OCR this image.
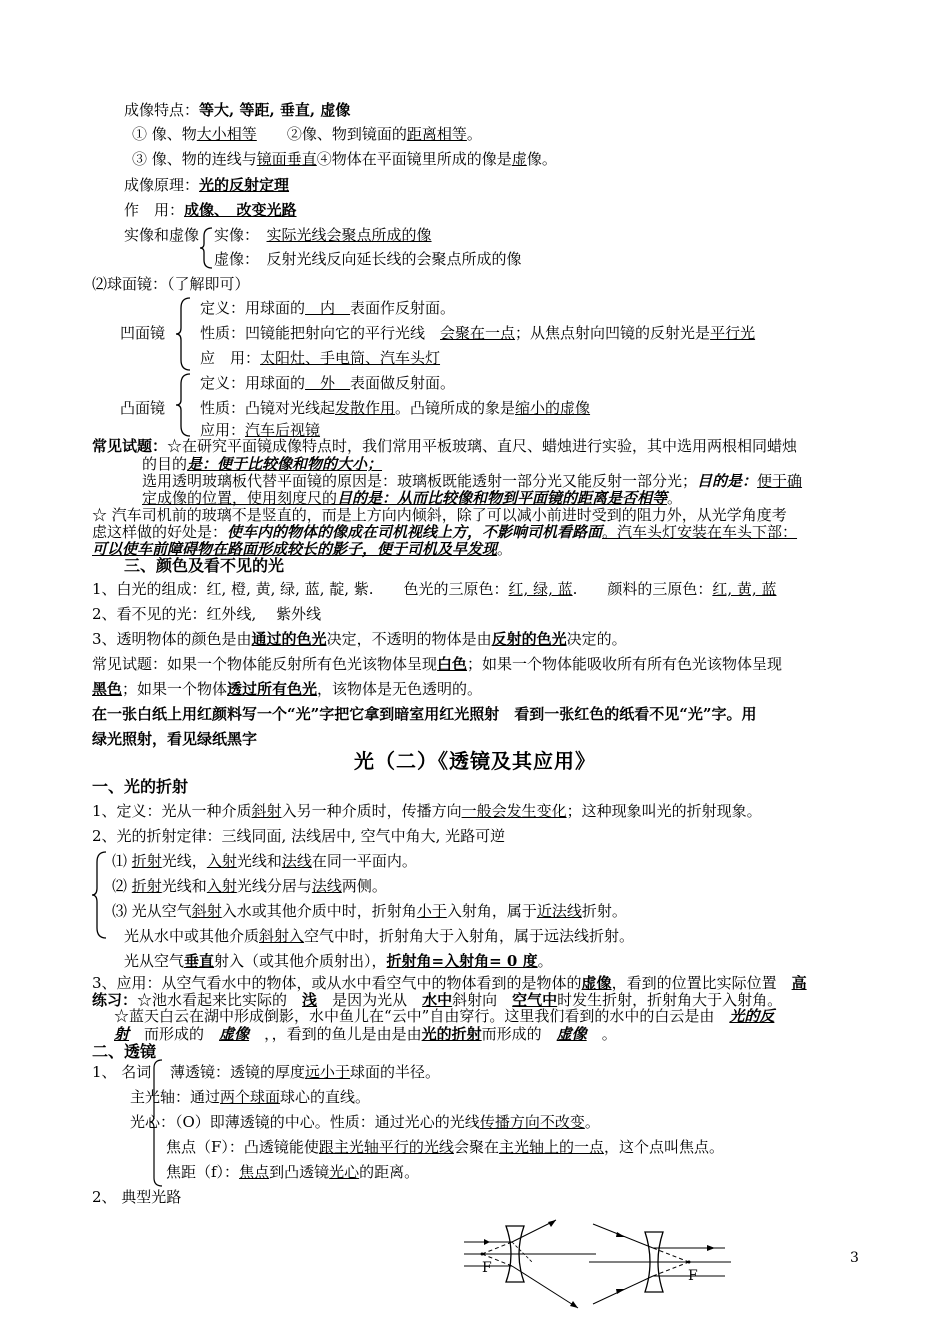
成像特点：等大, 等距, 垂直, 虚像
① 像、物大小相等　　 ②像、物到镜面的距离相等。
③ 像、物的连线与镜面垂直④物体在平面镜里所成的像是虚像。
成像原理：光的反射定理
作　用：成像、　改变光路
实像和虚像 实像：　 实际光线会聚点所成的像
虚像：　 反射光线反向延长线的会聚点所成的像
⑵球面镜：（了解即可）
凹面镜
定义：用球面的　内　表面作反射面。
性质：凹镜能把射向它的平行光线　 会聚在一点；从焦点射向凹镜的反射光是平行光
应　用：太阳灶、手电筒、汽车头灯
凸面镜
定义：用球面的　外　表面做反射面。
性质：凸镜对光线起发散作用。凸镜所成的象是缩小的虚像
应用：汽车后视镜
常见试题：☆在研究平面镜成像特点时，我们常用平板玻璃、直尺、蜡烛进行实验，其中选用两根相同蜡烛
的目的是：便于比较像和物的大小；
选用透明玻璃板代替平面镜的原因是：玻璃板既能透射一部分光又能反射一部分光；目的是：便于确
定成像的位置，使用刻度尺的目的是：从而比较像和物到平面镜的距离是否相等。
☆ 汽车司机前的玻璃不是竖直的，而是上方向内倾斜，除了可以减小前进时受到的阻力外，从光学角度考
虑这样做的好处是：使车内的物体的像成在司机视线上方，不影响司机看路面。汽车头灯安装在车头下部：
可以使车前障碍物在路面形成较长的影子，便于司机及早发现。
三、颜色及看不见的光
1、白光的组成：红, 橙, 黄, 绿, 蓝, 靛, 紫.　　色光的三原色：红, 绿, 蓝.　　颜料的三原色：红, 黄, 蓝
2、看不见的光：红外线,　 紫外线
3、透明物体的颜色是由通过的色光决定，不透明的物体是由反射的色光决定的。
常见试题：如果一个物体能反射所有色光该物体呈现白色；如果一个物体能吸收所有所有色光该物体呈现
黑色；如果一个物体透过所有色光，该物体是无色透明的。
在一张白纸上用红颜料写一个“光”字把它拿到暗室用红光照射　看到一张红色的纸看不见“光”字。用
绿光照射，看见绿纸黑字
光（二）《透镜及其应用》
一、光的折射
1、定义：光从一种介质斜射入另一种介质时，传播方向一般会发生变化；这种现象叫光的折射现象。
2、光的折射定律：三线同面, 法线居中, 空气中角大, 光路可逆
⑴ 折射光线，入射光线和法线在同一平面内。
⑵ 折射光线和入射光线分居与法线两侧。
⑶ 光从空气斜射入水或其他介质中时，折射角小于入射角，属于近法线折射。
光从水中或其他介质斜射入空气中时，折射角大于入射角，属于远法线折射。
光从空气垂直射入（或其他介质射出），折射角=入射角= 0 度。
3、应用：从空气看水中的物体，或从水中看空气中的物体看到的是物体的虚像，看到的位置比实际位置　 高
练习：☆池水看起来比实际的　 浅　 是因为光从　 水中斜射向　 空气中时发生折射，折射角大于入射角。
☆蓝天白云在湖中形成倒影，水中鱼儿在“云中”自由穿行。这里我们看到的水中的白云是由　 光的反
射　 而形成的　 虚像　，，看到的鱼儿是由是由光的折射而形成的　 虚像　 。
二、透镜
1、 名词 薄透镜：透镜的厚度远小于球面的半径。
主光轴：通过两个球面球心的直线。
光心：（O）即薄透镜的中心。性质：通过光心的光线传播方向不改变。
焦点（F）：凸透镜能使跟主光轴平行的光线会聚在主光轴上的一点，这个点叫焦点。
焦距（f）：焦点到凸透镜光心的距离。
2、 典型光路
F	F
3
